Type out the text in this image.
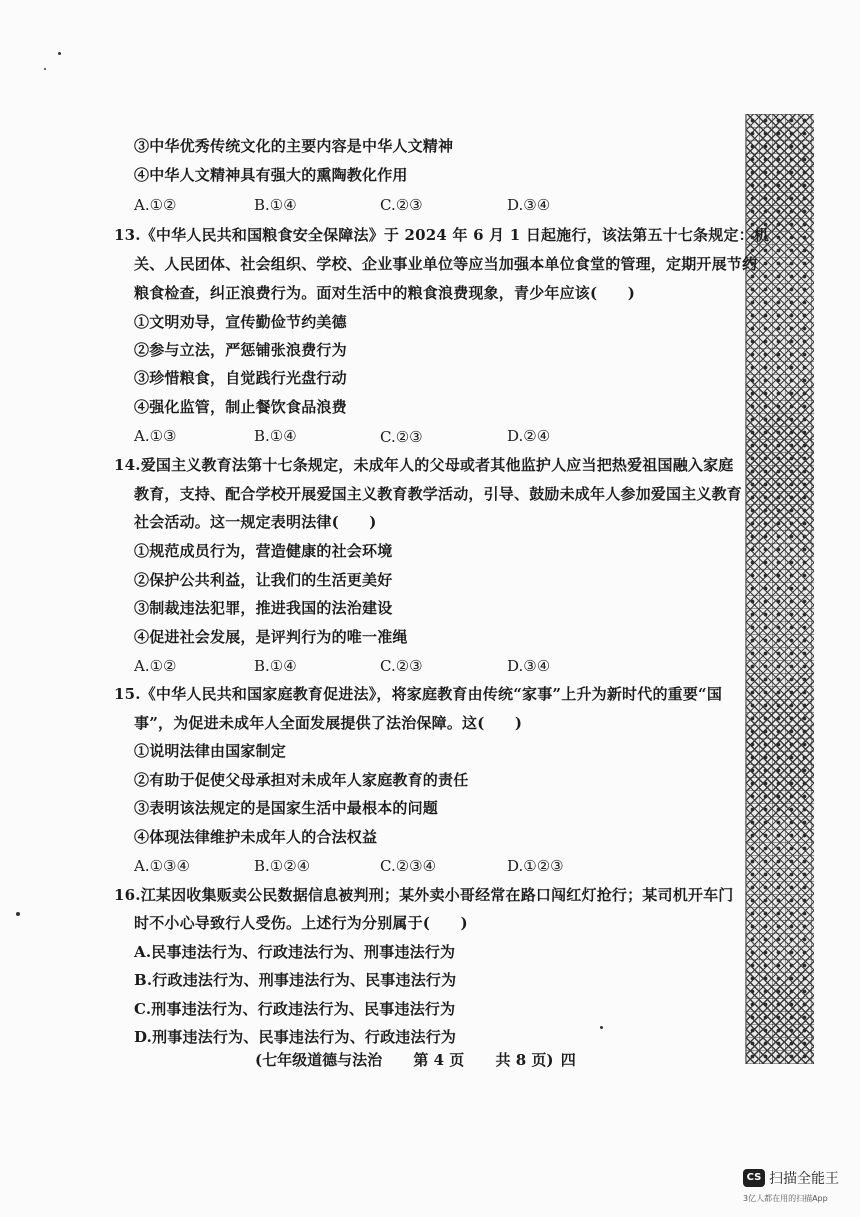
③中华优秀传统文化的主要内容是中华人文精神
④中华人文精神具有强大的熏陶教化作用
A.①②	B.①④	C.②③	D.③④
13.《中华人民共和国粮食安全保障法》于 2024 年 6 月 1 日起施行，该法第五十七条规定：机
关、人民团体、社会组织、学校、企业事业单位等应当加强本单位食堂的管理，定期开展节约
粮食检查，纠正浪费行为。面对生活中的粮食浪费现象，青少年应该(　　)
①文明劝导，宣传勤俭节约美德
②参与立法，严惩铺张浪费行为
③珍惜粮食，自觉践行光盘行动
④强化监管，制止餐饮食品浪费
A.①③	B.①④	C.②③	D.②④
14.爱国主义教育法第十七条规定，未成年人的父母或者其他监护人应当把热爱祖国融入家庭
教育，支持、配合学校开展爱国主义教育教学活动，引导、鼓励未成年人参加爱国主义教育
社会活动。这一规定表明法律(　　)
①规范成员行为，营造健康的社会环境
②保护公共利益，让我们的生活更美好
③制裁违法犯罪，推进我国的法治建设
④促进社会发展，是评判行为的唯一准绳
A.①②	B.①④	C.②③	D.③④
15.《中华人民共和国家庭教育促进法》，将家庭教育由传统“家事”上升为新时代的重要“国
事”，为促进未成年人全面发展提供了法治保障。这(　　)
①说明法律由国家制定
②有助于促使父母承担对未成年人家庭教育的责任
③表明该法规定的是国家生活中最根本的问题
④体现法律维护未成年人的合法权益
A.①③④	B.①②④	C.②③④	D.①②③
16.江某因收集贩卖公民数据信息被判刑；某外卖小哥经常在路口闯红灯抢行；某司机开车门
时不小心导致行人受伤。上述行为分别属于(　　)
A.民事违法行为、行政违法行为、刑事违法行为
B.行政违法行为、刑事违法行为、民事违法行为
C.刑事违法行为、行政违法行为、民事违法行为
D.刑事违法行为、民事违法行为、行政违法行为
(七年级道德与法治 第 4 页 共 8 页) 四
CS 扫描全能王
3亿人都在用的扫描App
